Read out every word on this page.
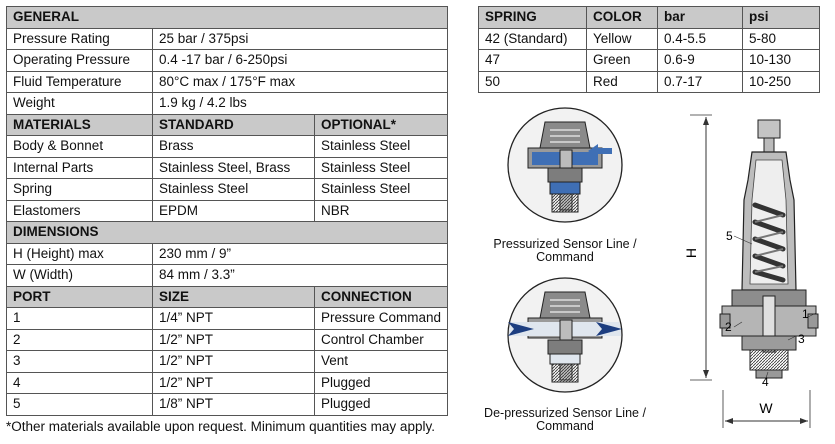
GENERAL		
Pressure Rating	25 bar / 375psi	
Operating Pressure	0.4 -17 bar / 6-250psi	
Fluid Temperature	80°C max / 175°F max	
Weight	1.9 kg / 4.2 lbs	
MATERIALS	STANDARD	OPTIONAL*
Body & Bonnet	Brass	Stainless Steel
Internal Parts	Stainless Steel, Brass	Stainless Steel
Spring	Stainless Steel	Stainless Steel
Elastomers	EPDM	NBR
DIMENSIONS		
H (Height) max	230 mm / 9”	
W (Width)	84 mm / 3.3”	
PORT	SIZE	CONNECTION
1	1/4” NPT	Pressure Command
2	1/2” NPT	Control Chamber
3	1/2” NPT	Vent
4	1/2” NPT	Plugged
5	1/8” NPT	Plugged
*Other materials available upon request. Minimum quantities may apply.
SPRING	COLOR	bar	psi
42 (Standard)	Yellow	0.4-5.5	5-80
47	Green	0.6-9	10-130
50	Red	0.7-17	10-250
H
W
1
2
3
4
5
Pressurized Sensor Line /
Command
De-pressurized Sensor Line /
Command
